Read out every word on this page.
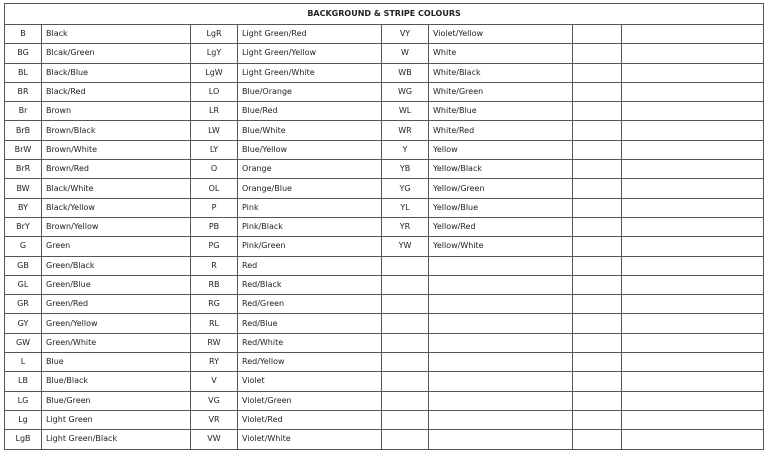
BACKGROUND & STRIPE COLOURS							
B	Black	LgR	Light Green/Red	VY	Violet/Yellow		
BG	Blcak/Green	LgY	Light Green/Yellow	W	White		
BL	Black/Blue	LgW	Light Green/White	WB	White/Black		
BR	Black/Red	LO	Blue/Orange	WG	White/Green		
Br	Brown	LR	Blue/Red	WL	White/Blue		
BrB	Brown/Black	LW	Blue/White	WR	White/Red		
BrW	Brown/White	LY	Blue/Yellow	Y	Yellow		
BrR	Brown/Red	O	Orange	YB	Yellow/Black		
BW	Black/White	OL	Orange/Blue	YG	Yellow/Green		
BY	Black/Yellow	P	Pink	YL	Yellow/Blue		
BrY	Brown/Yellow	PB	Pink/Black	YR	Yellow/Red		
G	Green	PG	Pink/Green	YW	Yellow/White		
GB	Green/Black	R	Red				
GL	Green/Blue	RB	Red/Black				
GR	Green/Red	RG	Red/Green				
GY	Green/Yellow	RL	Red/Blue				
GW	Green/White	RW	Red/White				
L	Blue	RY	Red/Yellow				
LB	Blue/Black	V	Violet				
LG	Blue/Green	VG	Violet/Green				
Lg	Light Green	VR	Violet/Red				
LgB	Light Green/Black	VW	Violet/White				
